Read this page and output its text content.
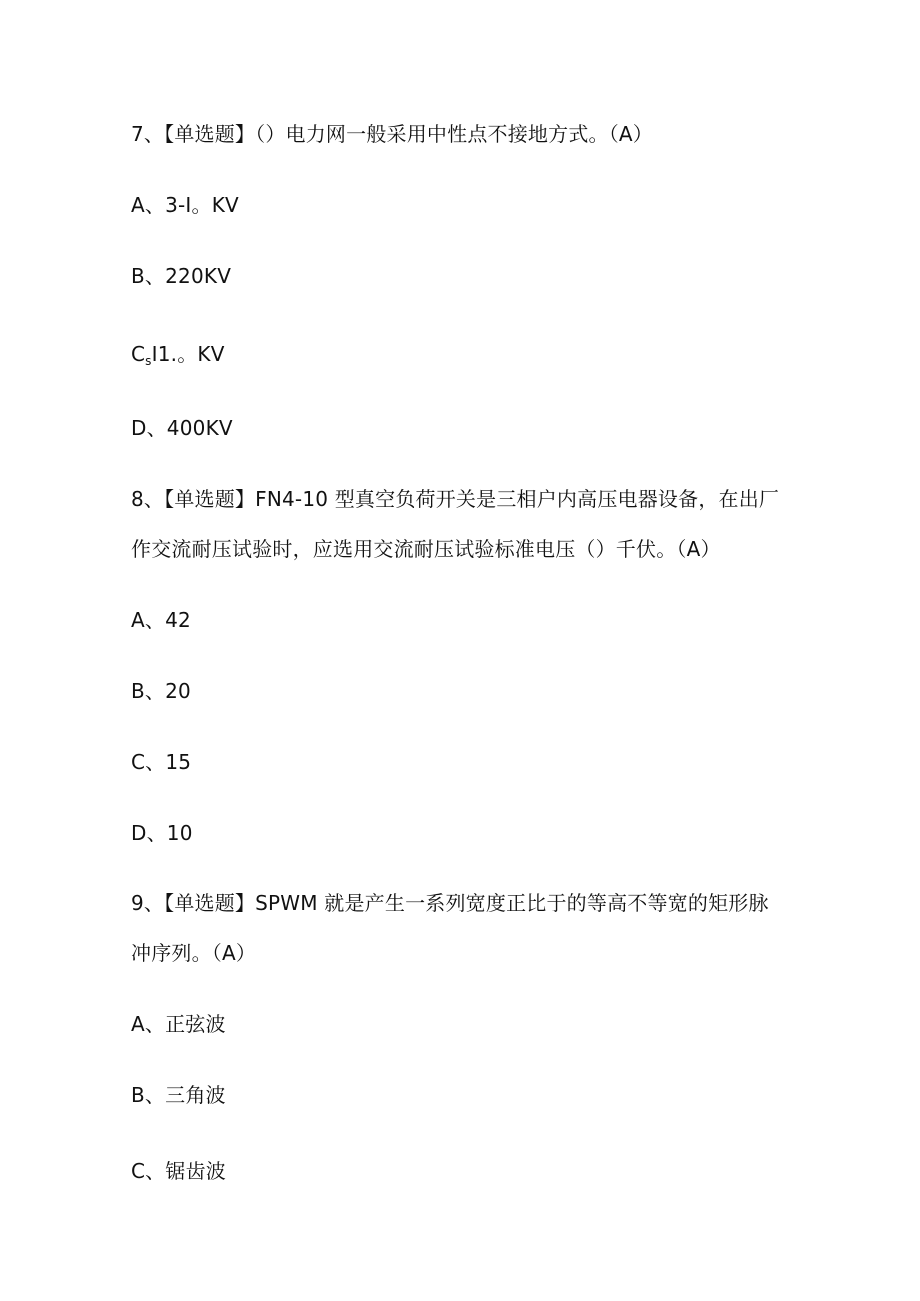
7、【单选题】（）电力网一般采用中性点不接地方式。（A）
A、3-I。KV
B、220KV
$C_sI1$.。KV
D、400KV
8、【单选题】FN4-10 型真空负荷开关是三相户内高压电器设备，在出厂
作交流耐压试验时，应选用交流耐压试验标准电压（）千伏。（A）
A、42
B、20
C、15
D、10
9、【单选题】SPWM 就是产生一系列宽度正比于的等高不等宽的矩形脉
冲序列。（A）
A、正弦波
B、三角波
C、锯齿波
